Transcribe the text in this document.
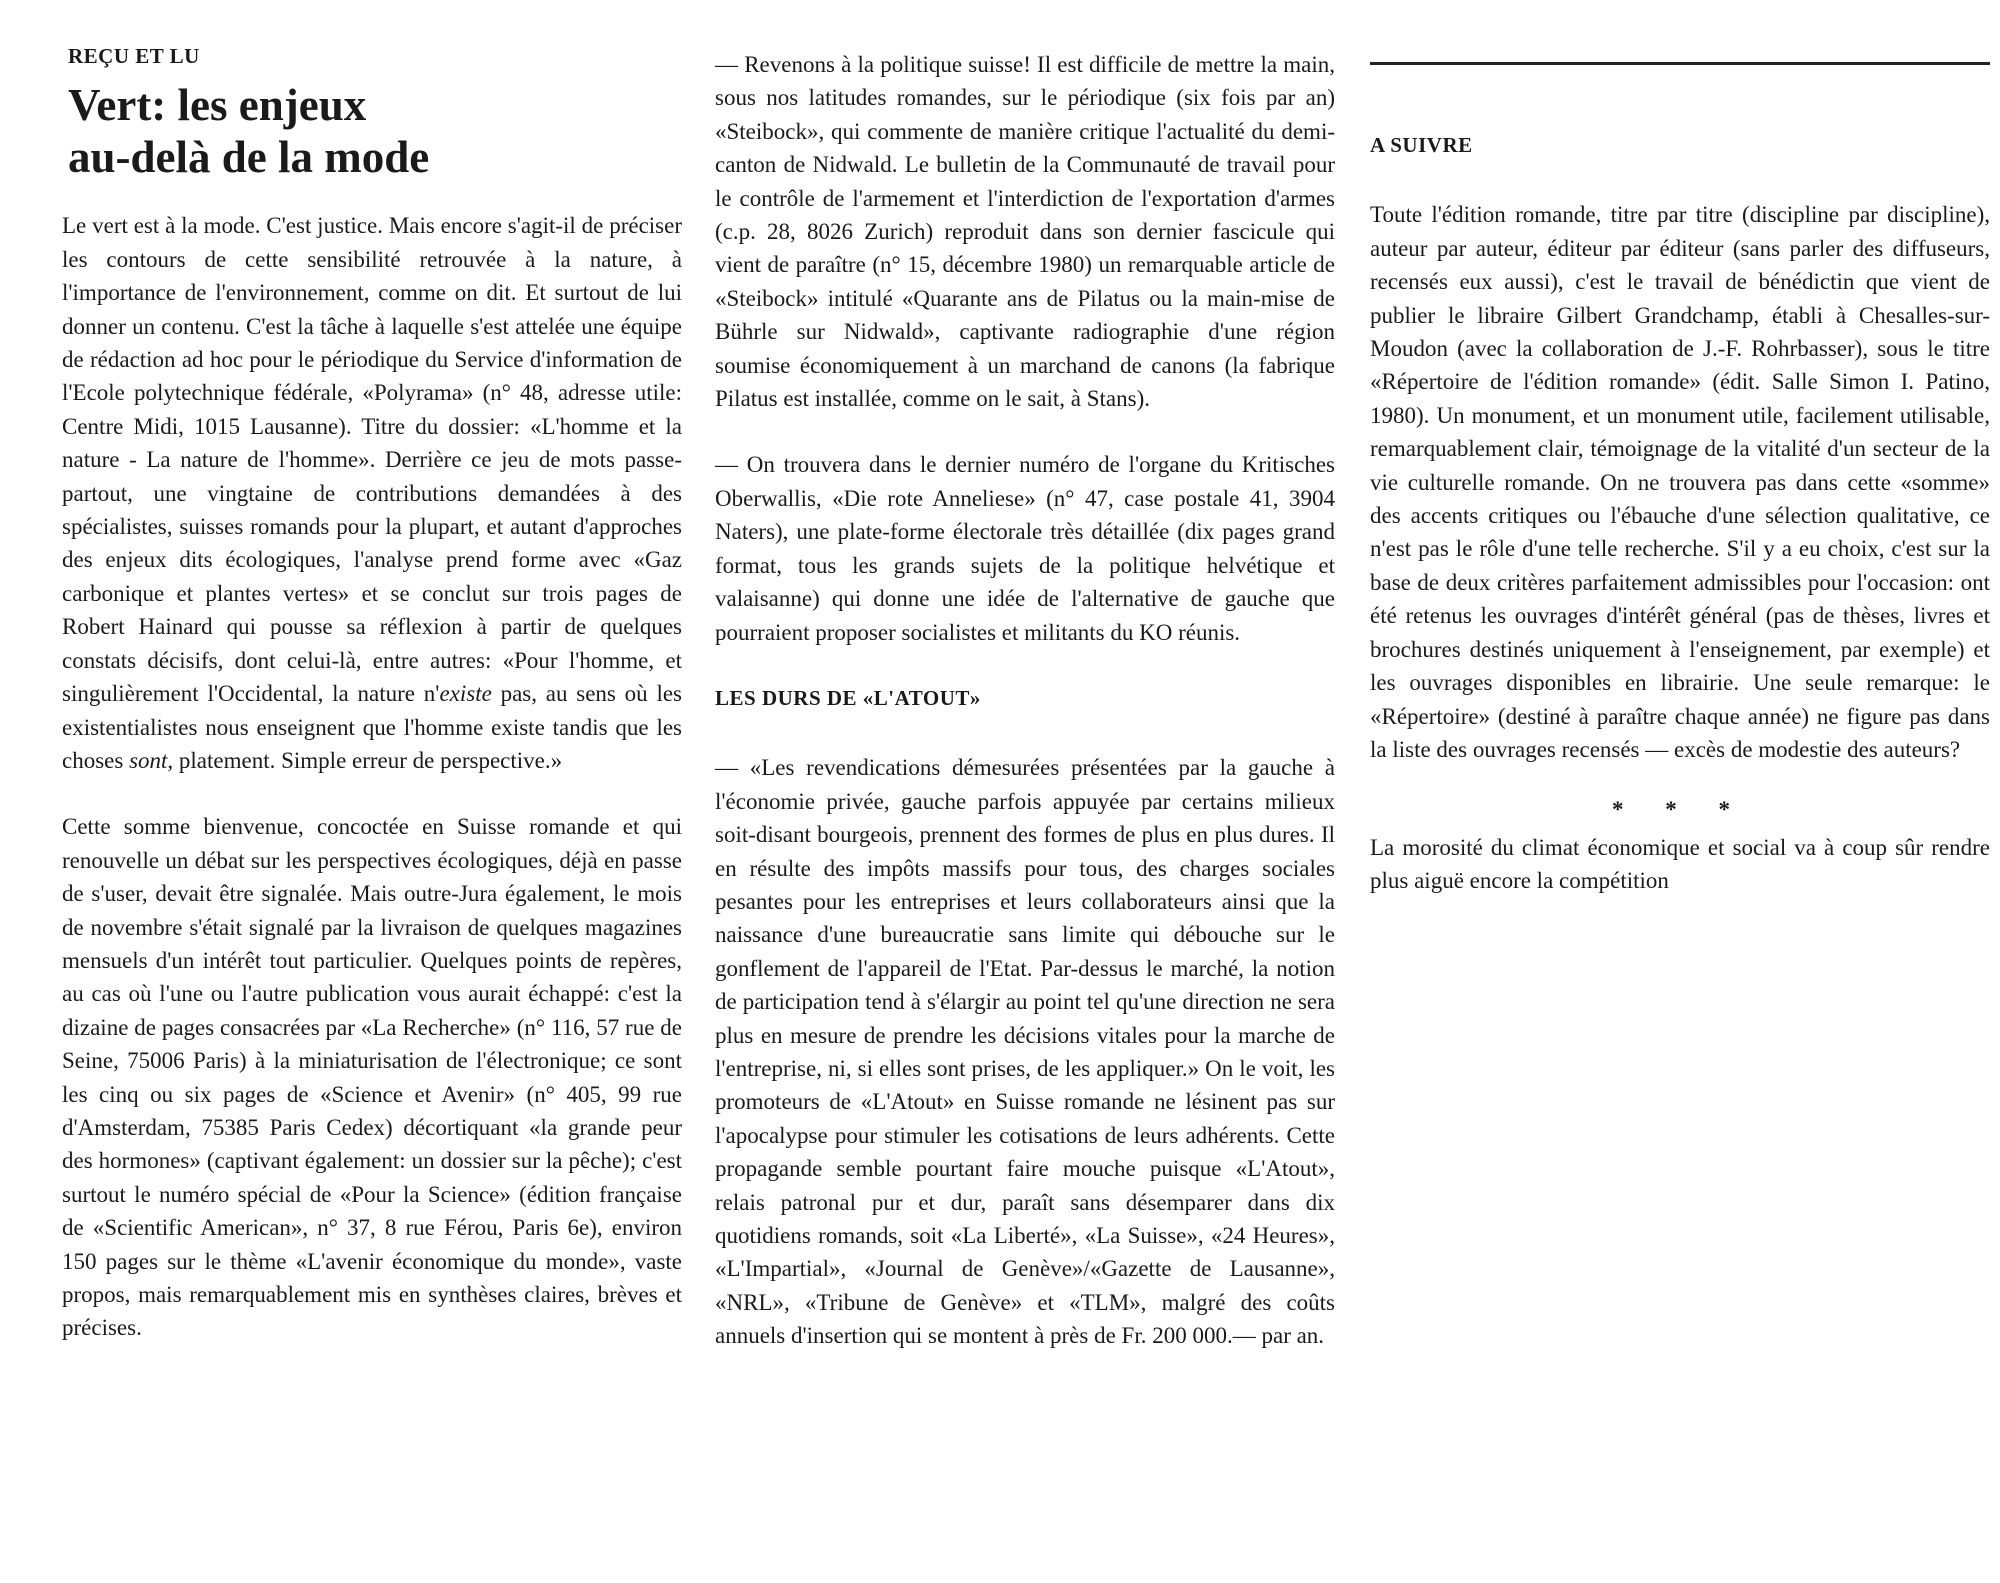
REÇU ET LU
Vert: les enjeux
au-delà de la mode

Le vert est à la mode. C'est justice. Mais encore s'agit-il de préciser les contours de cette sensibilité retrouvée à la nature, à l'importance de l'environnement, comme on dit. Et surtout de lui donner un contenu. C'est la tâche à laquelle s'est attelée une équipe de rédaction ad hoc pour le périodique du Service d'information de l'Ecole polytechnique fédérale, «Polyrama» (n° 48, adresse utile: Centre Midi, 1015 Lausanne). Titre du dossier: «L'homme et la nature - La nature de l'homme». Derrière ce jeu de mots passe-partout, une vingtaine de contributions demandées à des spécialistes, suisses romands pour la plupart, et autant d'approches des enjeux dits écologiques, l'analyse prend forme avec «Gaz carbonique et plantes vertes» et se conclut sur trois pages de Robert Hainard qui pousse sa réflexion à partir de quelques constats décisifs, dont celui-là, entre autres: «Pour l'homme, et singulièrement l'Occidental, la nature n'existe pas, au sens où les existentialistes nous enseignent que l'homme existe tandis que les choses sont, platement. Simple erreur de perspective.»

Cette somme bienvenue, concoctée en Suisse romande et qui renouvelle un débat sur les perspectives écologiques, déjà en passe de s'user, devait être signalée. Mais outre-Jura également, le mois de novembre s'était signalé par la livraison de quelques magazines mensuels d'un intérêt tout particulier. Quelques points de repères, au cas où l'une ou l'autre publication vous aurait échappé: c'est la dizaine de pages consacrées par «La Recherche» (n° 116, 57 rue de Seine, 75006 Paris) à la miniaturisation de l'électronique; ce sont les cinq ou six pages de «Science et Avenir» (n° 405, 99 rue d'Amsterdam, 75385 Paris Cedex) décortiquant «la grande peur des hormones» (captivant également: un dossier sur la pêche); c'est surtout le numéro spécial de «Pour la Science» (édition française de «Scientific American», n° 37, 8 rue Férou, Paris 6e), environ 150 pages sur le thème «L'avenir économique du monde», vaste propos, mais remarquablement mis en synthèses claires, brèves et précises.

— Revenons à la politique suisse! Il est difficile de mettre la main, sous nos latitudes romandes, sur le périodique (six fois par an) «Steibock», qui commente de manière critique l'actualité du demi-canton de Nidwald. Le bulletin de la Communauté de travail pour le contrôle de l'armement et l'interdiction de l'exportation d'armes (c.p. 28, 8026 Zurich) reproduit dans son dernier fascicule qui vient de paraître (n° 15, décembre 1980) un remarquable article de «Steibock» intitulé «Quarante ans de Pilatus ou la main-mise de Bührle sur Nidwald», captivante radiographie d'une région soumise économiquement à un marchand de canons (la fabrique Pilatus est installée, comme on le sait, à Stans).

— On trouvera dans le dernier numéro de l'organe du Kritisches Oberwallis, «Die rote Anneliese» (n° 47, case postale 41, 3904 Naters), une plate-forme électorale très détaillée (dix pages grand format, tous les grands sujets de la politique helvétique et valaisanne) qui donne une idée de l'alternative de gauche que pourraient proposer socialistes et militants du KO réunis.

LES DURS DE «L'ATOUT»

— «Les revendications démesurées présentées par la gauche à l'économie privée, gauche parfois appuyée par certains milieux soit-disant bourgeois, prennent des formes de plus en plus dures. Il en résulte des impôts massifs pour tous, des charges sociales pesantes pour les entreprises et leurs collaborateurs ainsi que la naissance d'une bureaucratie sans limite qui débouche sur le gonflement de l'appareil de l'Etat. Par-dessus le marché, la notion de participation tend à s'élargir au point tel qu'une direction ne sera plus en mesure de prendre les décisions vitales pour la marche de l'entreprise, ni, si elles sont prises, de les appliquer.» On le voit, les promoteurs de «L'Atout» en Suisse romande ne lésinent pas sur l'apocalypse pour stimuler les cotisations de leurs adhérents. Cette propagande semble pourtant faire mouche puisque «L'Atout», relais patronal pur et dur, paraît sans désemparer dans dix quotidiens romands, soit «La Liberté», «La Suisse», «24 Heures», «L'Impartial», «Journal de Genève»/«Gazette de Lausanne», «NRL», «Tribune de Genève» et «TLM», malgré des coûts annuels d'insertion qui se montent à près de Fr. 200 000.— par an.

A SUIVRE

Toute l'édition romande, titre par titre (discipline par discipline), auteur par auteur, éditeur par éditeur (sans parler des diffuseurs, recensés eux aussi), c'est le travail de bénédictin que vient de publier le libraire Gilbert Grandchamp, établi à Chesalles-sur-Moudon (avec la collaboration de J.-F. Rohrbasser), sous le titre «Répertoire de l'édition romande» (édit. Salle Simon I. Patino, 1980). Un monument, et un monument utile, facilement utilisable, remarquablement clair, témoignage de la vitalité d'un secteur de la vie culturelle romande. On ne trouvera pas dans cette «somme» des accents critiques ou l'ébauche d'une sélection qualitative, ce n'est pas le rôle d'une telle recherche. S'il y a eu choix, c'est sur la base de deux critères parfaitement admissibles pour l'occasion: ont été retenus les ouvrages d'intérêt général (pas de thèses, livres et brochures destinés uniquement à l'enseignement, par exemple) et les ouvrages disponibles en librairie. Une seule remarque: le «Répertoire» (destiné à paraître chaque année) ne figure pas dans la liste des ouvrages recensés — excès de modestie des auteurs?

* * *

La morosité du climat économique et social va à coup sûr rendre plus aiguë encore la compétition
